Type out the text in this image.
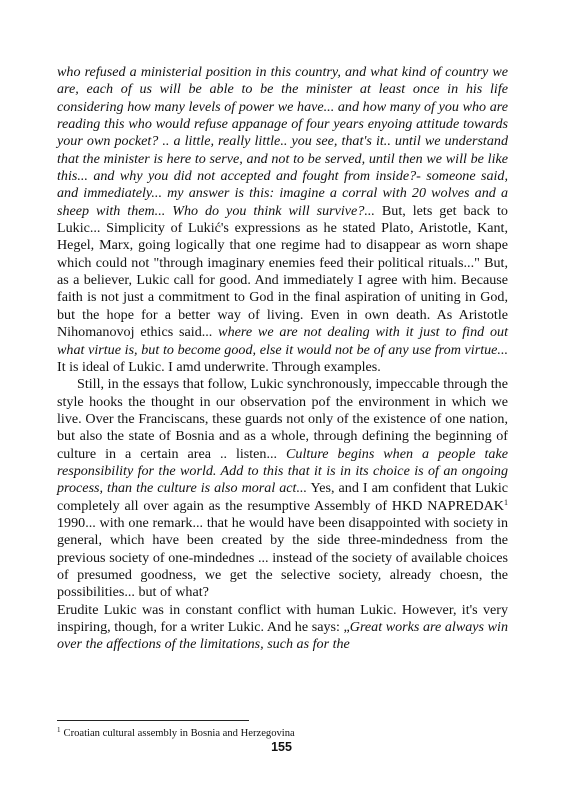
who refused a ministerial position in this country, and what kind of country we are, each of us will be able to be the minister at least once in his life considering how many levels of power we have... and how many of you who are reading this who would refuse appanage of four years enyoing attitude towards your own pocket? .. a little, really little.. you see, that's it.. until we understand that the minister is here to serve, and not to be served, until then we will be like this... and why you did not accepted and fought from inside?- someone said, and immediately... my answer is this: imagine a corral with 20 wolves and a sheep with them... Who do you think will survive?... But, lets get back to Lukic... Simplicity of Lukić's expressions as he stated Plato, Aristotle, Kant, Hegel, Marx, going logically that one regime had to disappear as worn shape which could not "through imaginary enemies feed their political rituals..." But, as a believer, Lukic call for good. And immediately I agree with him. Because faith is not just a commitment to God in the final aspiration of uniting in God, but the hope for a better way of living. Even in own death. As Aristotle Nihomanovoj ethics said... where we are not dealing with it just to find out what virtue is, but to become good, else it would not be of any use from virtue... It is ideal of Lukic. I amd underwrite. Through examples.

Still, in the essays that follow, Lukic synchronously, impeccable through the style hooks the thought in our observation pof the environment in which we live. Over the Franciscans, these guards not only of the existence of one nation, but also the state of Bosnia and as a whole, through defining the beginning of culture in a certain area .. listen... Culture begins when a people take responsibility for the world. Add to this that it is in its choice is of an ongoing process, than the culture is also moral act... Yes, and I am confident that Lukic completely all over again as the resumptive Assembly of HKD NAPREDAK$^1$ 1990... with one remark... that he would have been disappointed with society in general, which have been created by the side three-mindedness from the previous society of one-mindednes ... instead of the society of available choices of presumed goodness, we get the selective society, already choesn, the possibilities... but of what?

Erudite Lukic was in constant conflict with human Lukic. However, it's very inspiring, though, for a writer Lukic. And he says: „Great works are always win over the affections of the limitations, such as for the

$^1$ Croatian cultural assembly in Bosnia and Herzegovina
155
